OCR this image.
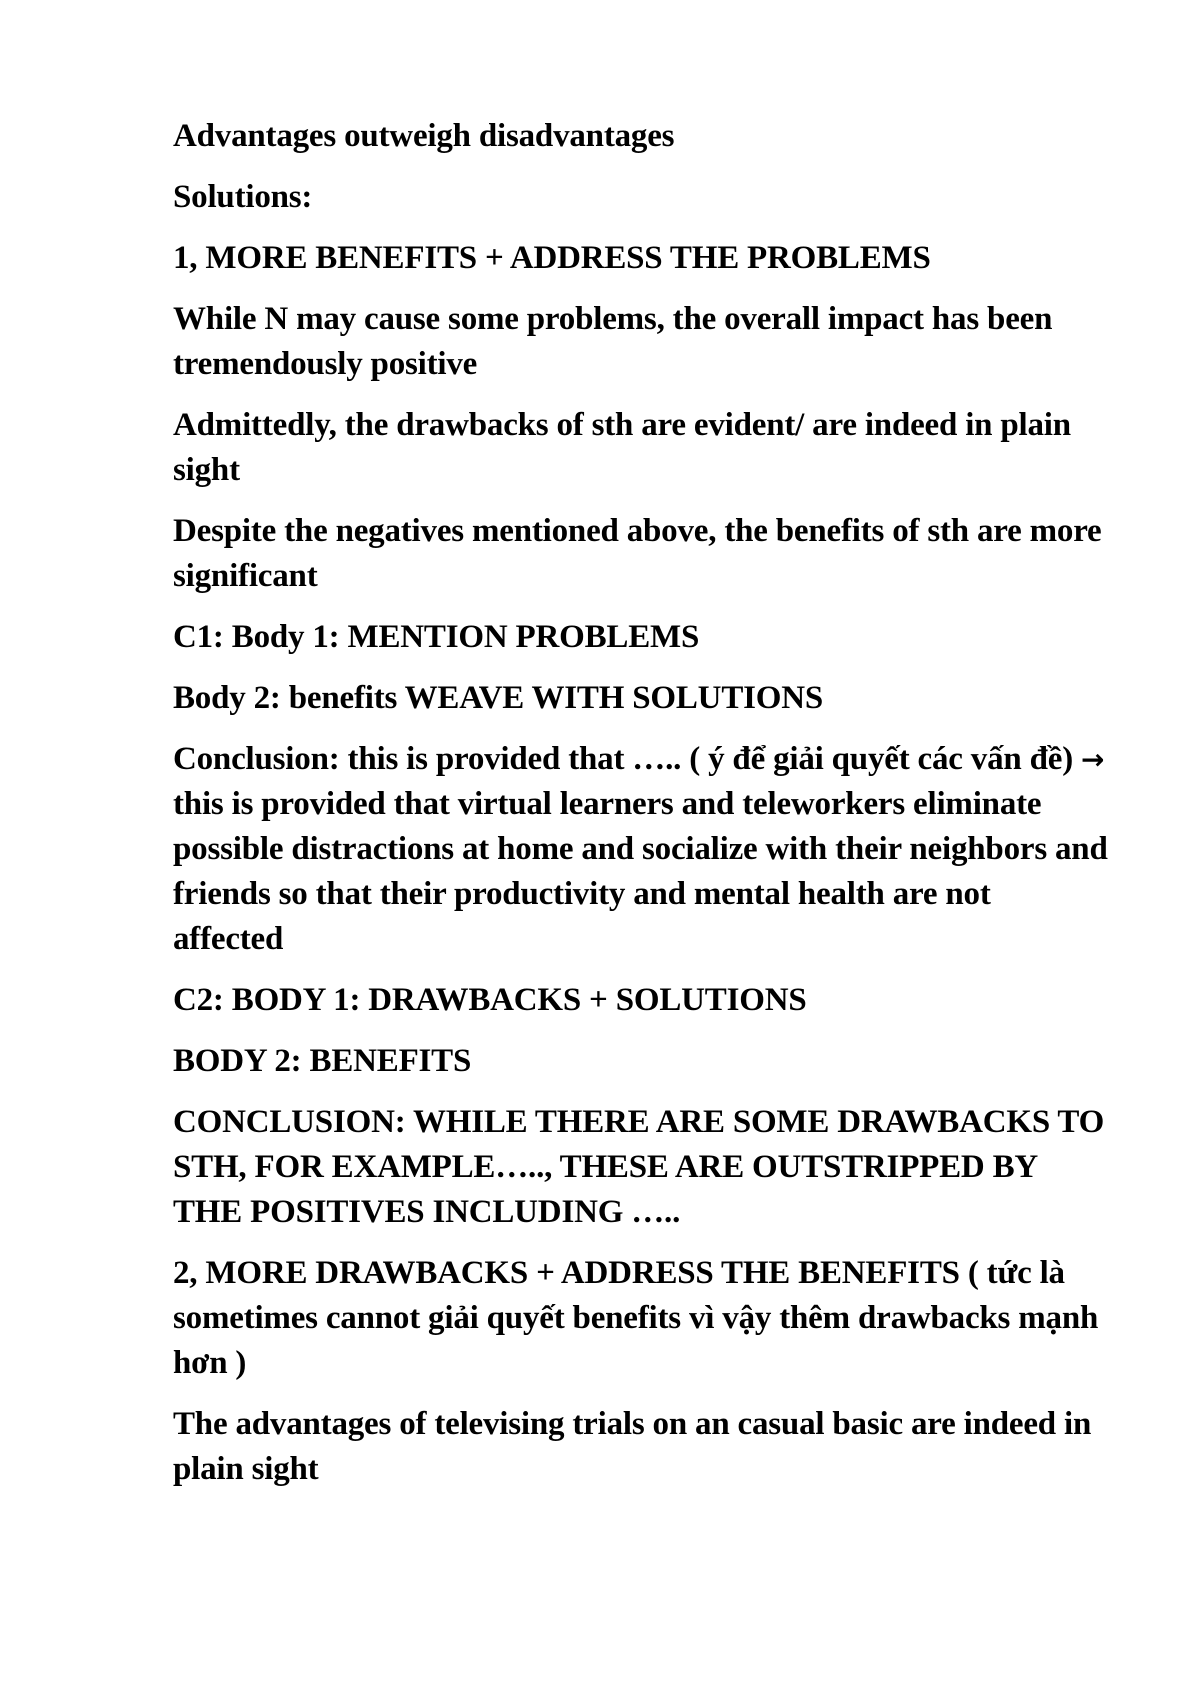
Advantages outweigh disadvantages

Solutions:

1, MORE BENEFITS + ADDRESS THE PROBLEMS

While N may cause some problems, the overall impact has been tremendously positive

Admittedly, the drawbacks of sth are evident/ are indeed in plain sight

Despite the negatives mentioned above, the benefits of sth are more significant

C1: Body 1: MENTION PROBLEMS

Body 2: benefits WEAVE WITH SOLUTIONS

Conclusion: this is provided that ….. ( ý để giải quyết các vấn đề) → this is provided that virtual learners and teleworkers eliminate possible distractions at home and socialize with their neighbors and friends so that their productivity and mental health are not affected

C2: BODY 1: DRAWBACKS + SOLUTIONS

BODY 2: BENEFITS

CONCLUSION: WHILE THERE ARE SOME DRAWBACKS TO STH, FOR EXAMPLE….., THESE ARE OUTSTRIPPED BY THE POSITIVES INCLUDING …..

2, MORE DRAWBACKS + ADDRESS THE BENEFITS ( tức là sometimes cannot giải quyết benefits vì vậy thêm drawbacks mạnh hơn )

The advantages of televising trials on an casual basic are indeed in plain sight
